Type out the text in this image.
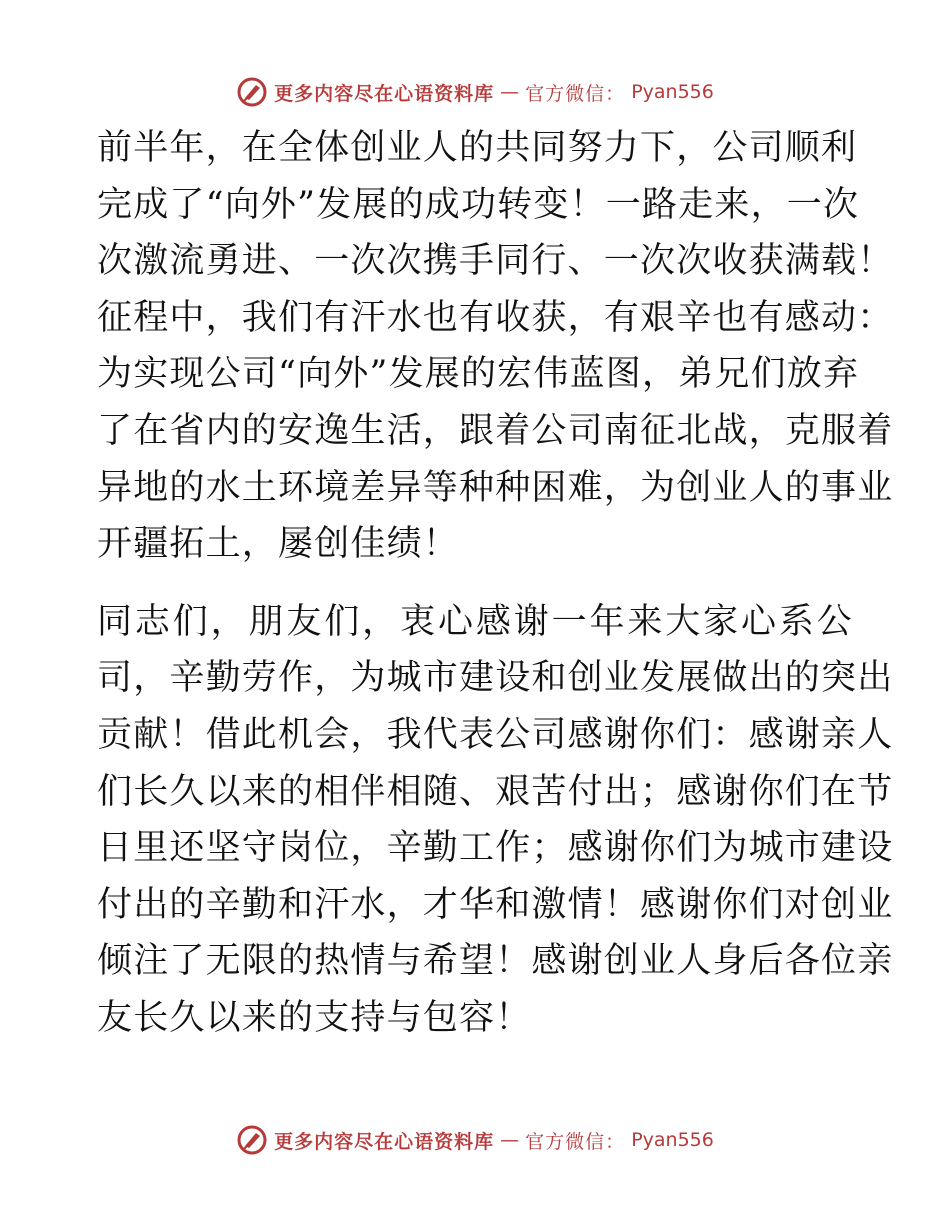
更多内容尽在心语资料库 — 官方微信： Pyan556
前半年，在全体创业人的共同努力下，公司顺利
完成了“向外”发展的成功转变！一路走来，一次
次激流勇进、一次次携手同行、一次次收获满载！
征程中，我们有汗水也有收获，有艰辛也有感动：
为实现公司“向外”发展的宏伟蓝图，弟兄们放弃
了在省内的安逸生活，跟着公司南征北战，克服着
异地的水土环境差异等种种困难，为创业人的事业
开疆拓土，屡创佳绩！
同志们，朋友们，衷心感谢一年来大家心系公
司，辛勤劳作，为城市建设和创业发展做出的突出
贡献！借此机会，我代表公司感谢你们：感谢亲人
们长久以来的相伴相随、艰苦付出；感谢你们在节
日里还坚守岗位，辛勤工作；感谢你们为城市建设
付出的辛勤和汗水，才华和激情！感谢你们对创业
倾注了无限的热情与希望！感谢创业人身后各位亲
友长久以来的支持与包容！
更多内容尽在心语资料库 — 官方微信： Pyan556
